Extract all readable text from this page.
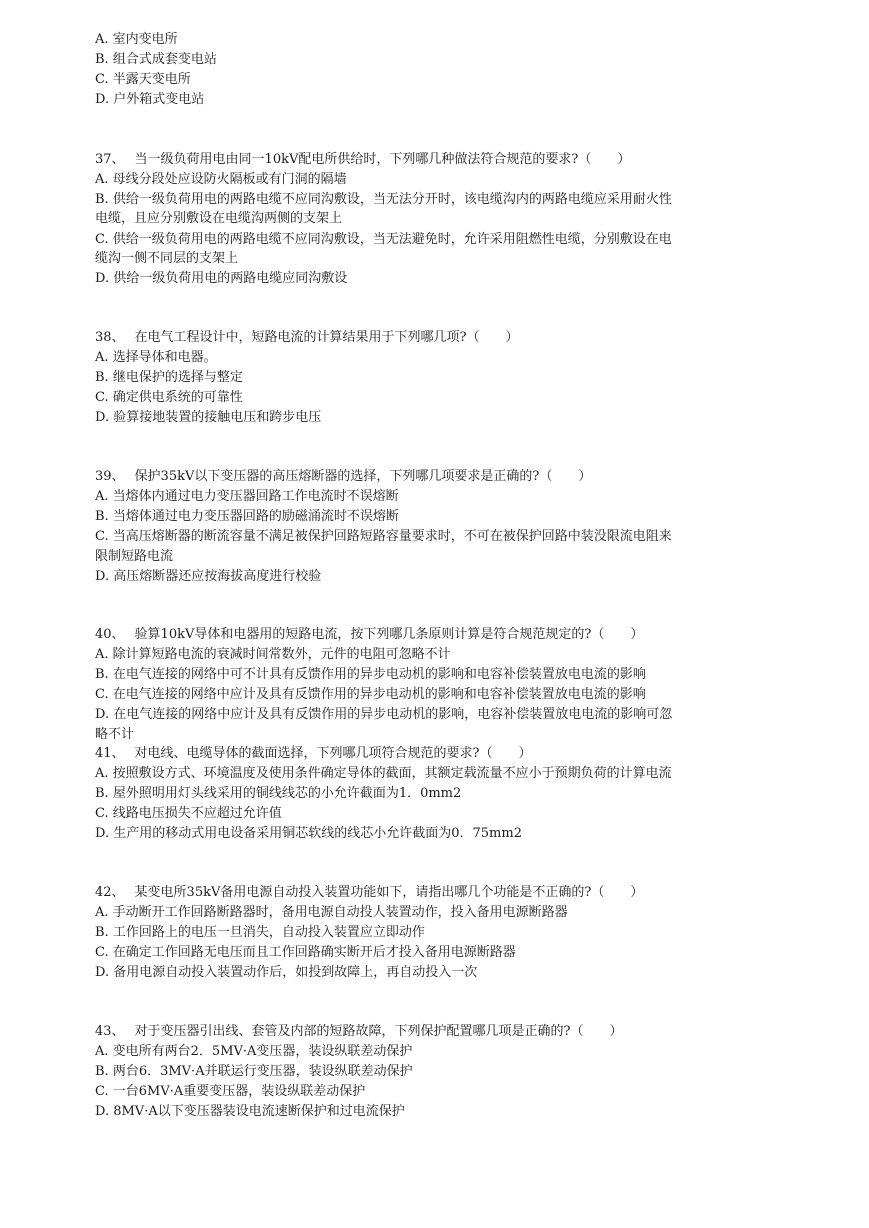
A. 室内变电所
B. 组合式成套变电站
C. 半露天变电所
D. 户外箱式变电站
37、 当一级负荷用电由同一10kV配电所供给时，下列哪几种做法符合规范的要求?（　　）
A. 母线分段处应设防火隔板或有门洞的隔墙
B. 供给一级负荷用电的两路电缆不应同沟敷设，当无法分开时，该电缆沟内的两路电缆应采用耐火性
电缆，且应分别敷设在电缆沟两侧的支架上
C. 供给一级负荷用电的两路电缆不应同沟敷设，当无法避免时，允许采用阻燃性电缆，分别敷设在电
缆沟一侧不同层的支架上
D. 供给一级负荷用电的两路电缆应同沟敷设
38、 在电气工程设计中，短路电流的计算结果用于下列哪几项?（　　）
A. 选择导体和电器。
B. 继电保护的选择与整定
C. 确定供电系统的可靠性
D. 验算接地装置的接触电压和跨步电压
39、 保护35kV以下变压器的高压熔断器的选择，下列哪几项要求是正确的?（　　）
A. 当熔体内通过电力变压器回路工作电流时不误熔断
B. 当熔体通过电力变压器回路的励磁涌流时不误熔断
C. 当高压熔断器的断流容量不满足被保护回路短路容量要求时，不可在被保护回路中装没限流电阻来
限制短路电流
D. 高压熔断器还应按海拔高度进行校验
40、 验算10kV导体和电器用的短路电流，按下列哪几条原则计算是符合规范规定的?（　　）
A. 除计算短路电流的衰减时间常数外，元件的电阻可忽略不计
B. 在电气连接的网络中可不计具有反馈作用的异步电动机的影响和电容补偿装置放电电流的影响
C. 在电气连接的网络中应计及具有反馈作用的异步电动机的影响和电容补偿装置放电电流的影响
D. 在电气连接的网络中应计及具有反馈作用的异步电动机的影响，电容补偿装置放电电流的影响可忽
略不计
41、 对电线、电缆导体的截面选择，下列哪几项符合规范的要求?（　　）
A. 按照敷设方式、环境温度及使用条件确定导体的截面，其额定载流量不应小于预期负荷的计算电流
B. 屋外照明用灯头线采用的铜线线芯的小允许截面为1．0mm2
C. 线路电压损失不应超过允许值
D. 生产用的移动式用电设备采用铜芯软线的线芯小允许截面为0．75mm2
42、 某变电所35kV备用电源自动投入装置功能如下，请指出哪几个功能是不正确的?（　　）
A. 手动断开工作回路断路器时，备用电源自动投人装置动作，投入备用电源断路器
B. 工作回路上的电压一旦消失，自动投入装置应立即动作
C. 在确定工作回路无电压而且工作回路确实断开后才投入备用电源断路器
D. 备用电源自动投入装置动作后，如投到故障上，再自动投入一次
43、 对于变压器引出线、套管及内部的短路故障，下列保护配置哪几项是正确的?（　　）
A. 变电所有两台2．5MV·A变压器，装设纵联差动保护
B. 两台6．3MV·A并联运行变压器，装设纵联差动保护
C. 一台6MV·A重要变压器，装设纵联差动保护
D. 8MV·A以下变压器装设电流速断保护和过电流保护
